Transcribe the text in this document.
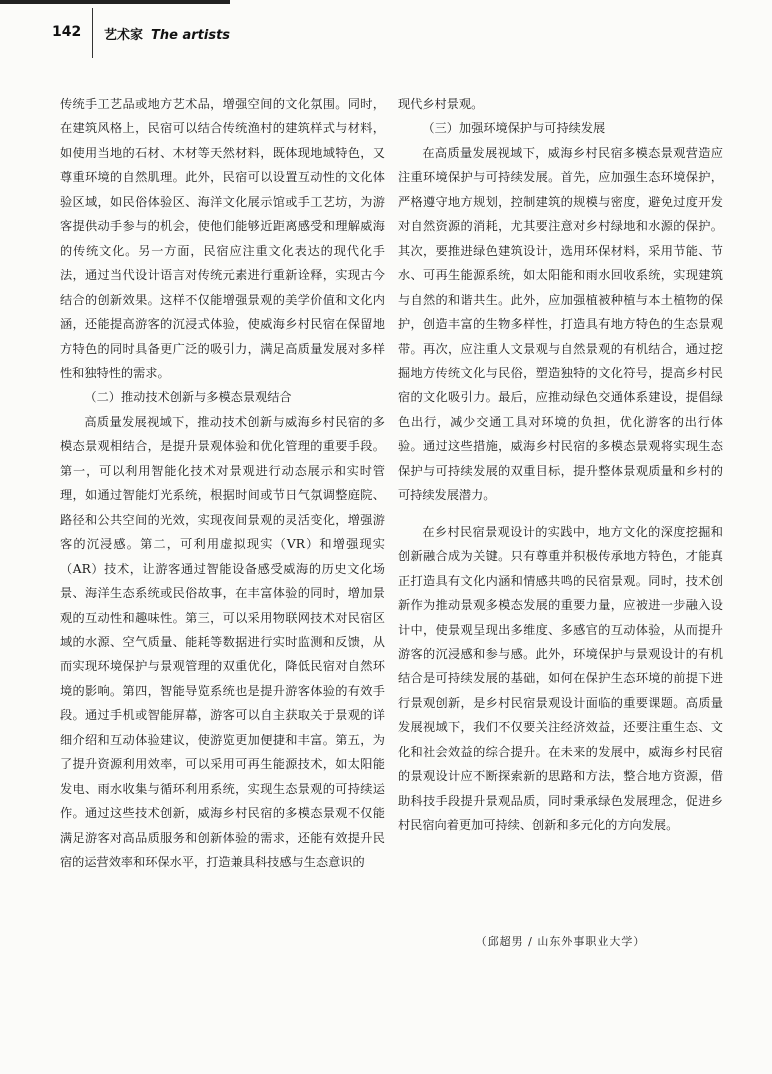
142 艺术家 The artists

传统手工艺品或地方艺术品，增强空间的文化氛围。同时，在建筑风格上，民宿可以结合传统渔村的建筑样式与材料，如使用当地的石材、木材等天然材料，既体现地域特色，又尊重环境的自然肌理。此外，民宿可以设置互动性的文化体验区域，如民俗体验区、海洋文化展示馆或手工艺坊，为游客提供动手参与的机会，使他们能够近距离感受和理解威海的传统文化。另一方面，民宿应注重文化表达的现代化手法，通过当代设计语言对传统元素进行重新诠释，实现古今结合的创新效果。这样不仅能增强景观的美学价值和文化内涵，还能提高游客的沉浸式体验，使威海乡村民宿在保留地方特色的同时具备更广泛的吸引力，满足高质量发展对多样性和独特性的需求。

（二）推动技术创新与多模态景观结合

高质量发展视域下，推动技术创新与威海乡村民宿的多模态景观相结合，是提升景观体验和优化管理的重要手段。第一，可以利用智能化技术对景观进行动态展示和实时管理，如通过智能灯光系统，根据时间或节日气氛调整庭院、路径和公共空间的光效，实现夜间景观的灵活变化，增强游客的沉浸感。第二，可利用虚拟现实（VR）和增强现实（AR）技术，让游客通过智能设备感受威海的历史文化场景、海洋生态系统或民俗故事，在丰富体验的同时，增加景观的互动性和趣味性。第三，可以采用物联网技术对民宿区域的水源、空气质量、能耗等数据进行实时监测和反馈，从而实现环境保护与景观管理的双重优化，降低民宿对自然环境的影响。第四，智能导览系统也是提升游客体验的有效手段。通过手机或智能屏幕，游客可以自主获取关于景观的详细介绍和互动体验建议，使游览更加便捷和丰富。第五，为了提升资源利用效率，可以采用可再生能源技术，如太阳能发电、雨水收集与循环利用系统，实现生态景观的可持续运作。通过这些技术创新，威海乡村民宿的多模态景观不仅能满足游客对高品质服务和创新体验的需求，还能有效提升民宿的运营效率和环保水平，打造兼具科技感与生态意识的

现代乡村景观。

（三）加强环境保护与可持续发展

在高质量发展视域下，威海乡村民宿多模态景观营造应注重环境保护与可持续发展。首先，应加强生态环境保护，严格遵守地方规划，控制建筑的规模与密度，避免过度开发对自然资源的消耗，尤其要注意对乡村绿地和水源的保护。其次，要推进绿色建筑设计，选用环保材料，采用节能、节水、可再生能源系统，如太阳能和雨水回收系统，实现建筑与自然的和谐共生。此外，应加强植被种植与本土植物的保护，创造丰富的生物多样性，打造具有地方特色的生态景观带。再次，应注重人文景观与自然景观的有机结合，通过挖掘地方传统文化与民俗，塑造独特的文化符号，提高乡村民宿的文化吸引力。最后，应推动绿色交通体系建设，提倡绿色出行，减少交通工具对环境的负担，优化游客的出行体验。通过这些措施，威海乡村民宿的多模态景观将实现生态保护与可持续发展的双重目标，提升整体景观质量和乡村的可持续发展潜力。

在乡村民宿景观设计的实践中，地方文化的深度挖掘和创新融合成为关键。只有尊重并积极传承地方特色，才能真正打造具有文化内涵和情感共鸣的民宿景观。同时，技术创新作为推动景观多模态发展的重要力量，应被进一步融入设计中，使景观呈现出多维度、多感官的互动体验，从而提升游客的沉浸感和参与感。此外，环境保护与景观设计的有机结合是可持续发展的基础，如何在保护生态环境的前提下进行景观创新，是乡村民宿景观设计面临的重要课题。高质量发展视域下，我们不仅要关注经济效益，还要注重生态、文化和社会效益的综合提升。在未来的发展中，威海乡村民宿的景观设计应不断探索新的思路和方法，整合地方资源，借助科技手段提升景观品质，同时秉承绿色发展理念，促进乡村民宿向着更加可持续、创新和多元化的方向发展。

（邱超男 / 山东外事职业大学）
